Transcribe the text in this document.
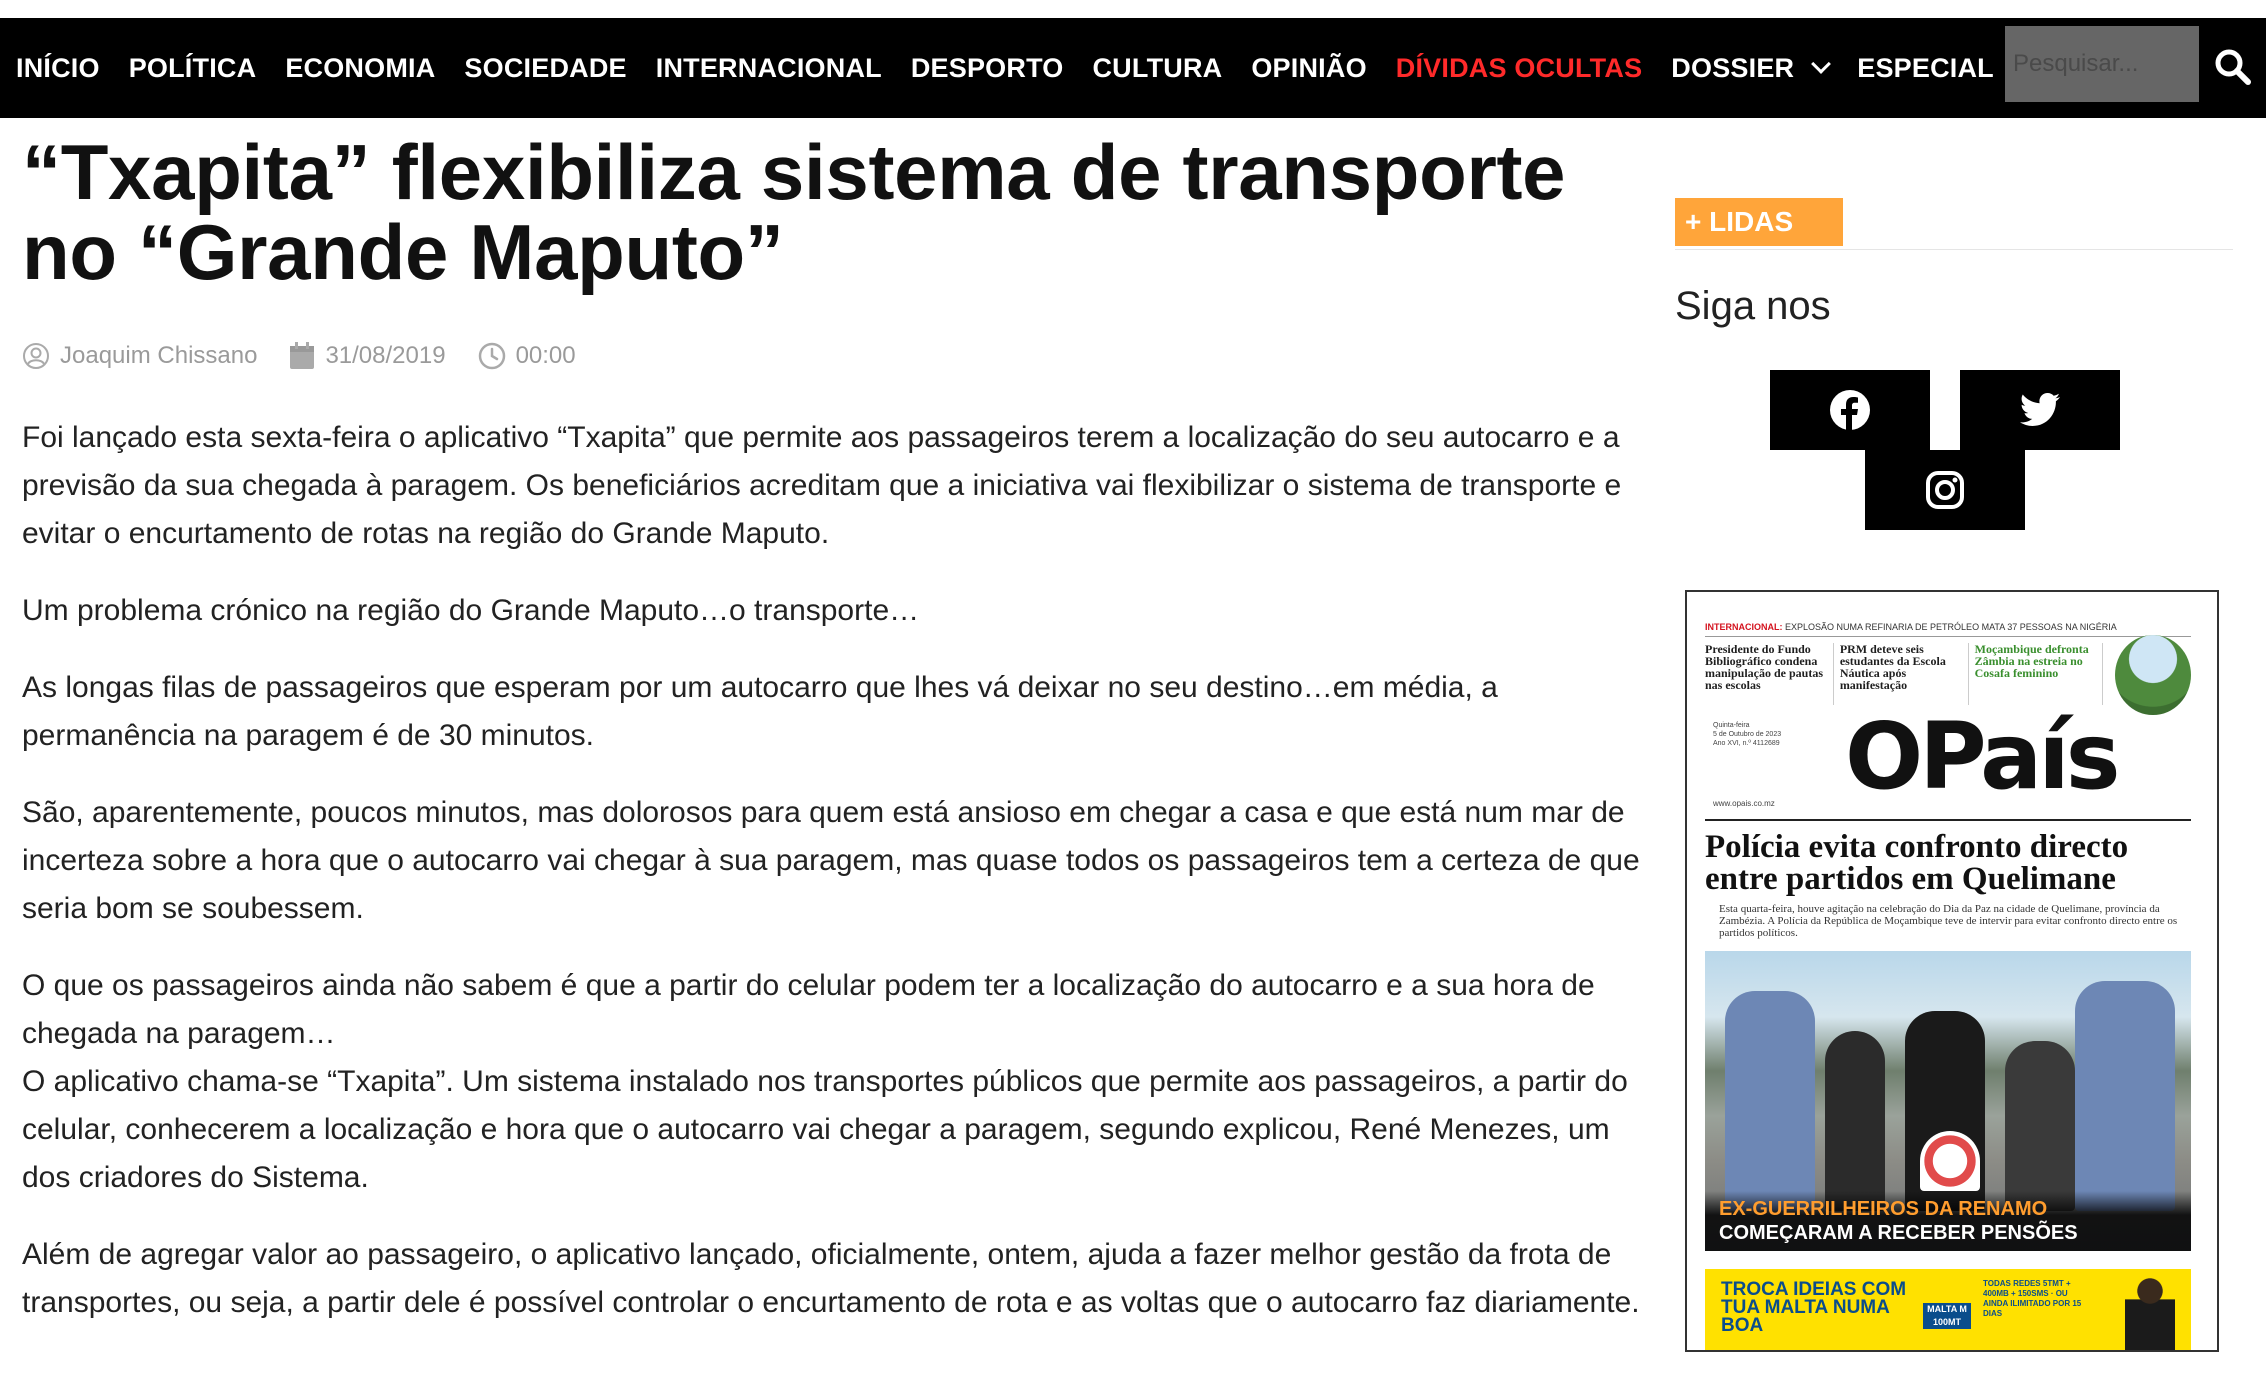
INÍCIO POLÍTICA ECONOMIA SOCIEDADE INTERNACIONAL DESPORTO CULTURA OPINIÃO DÍVIDAS OCULTAS DOSSIER ESPECIAL
Pesquisar...
“Txapita” flexibiliza sistema de transporte no “Grande Maputo”
Joaquim Chissano	31/08/2019	00:00

Foi lançado esta sexta-feira o aplicativo “Txapita” que permite aos passageiros terem a localização do seu autocarro e a previsão da sua chegada à paragem. Os beneficiários acreditam que a iniciativa vai flexibilizar o sistema de transporte e evitar o encurtamento de rotas na região do Grande Maputo.

Um problema crónico na região do Grande Maputo…o transporte…

As longas filas de passageiros que esperam por um autocarro que lhes vá deixar no seu destino…em média, a permanência na paragem é de 30 minutos.

São, aparentemente, poucos minutos, mas dolorosos para quem está ansioso em chegar a casa e que está num mar de incerteza sobre a hora que o autocarro vai chegar à sua paragem, mas quase todos os passageiros tem a certeza de que seria bom se soubessem.

O que os passageiros ainda não sabem é que a partir do celular podem ter a localização do autocarro e a sua hora de chegada na paragem…

O aplicativo chama-se “Txapita”. Um sistema instalado nos transportes públicos que permite aos passageiros, a partir do celular, conhecerem a localização e hora que o autocarro vai chegar a paragem, segundo explicou, René Menezes, um dos criadores do Sistema.

Além de agregar valor ao passageiro, o aplicativo lançado, oficialmente, ontem, ajuda a fazer melhor gestão da frota de transportes, ou seja, a partir dele é possível controlar o encurtamento de rota e as voltas que o autocarro faz diariamente.

+ LIDAS
Siga nos
INTERNACIONAL: EXPLOSÃO NUMA REFINARIA DE PETRÓLEO MATA 37 PESSOAS NA NIGÉRIA
Presidente do Fundo Bibliográfico condena manipulação de pautas nas escolas
PRM deteve seis estudantes da Escola Náutica após manifestação
Moçambique defronta Zâmbia na estreia no Cosafa feminino
Quinta-feira
5 de Outubro de 2023
Ano XVI, n.º 4112689 OPaís
www.opais.co.mz
Polícia evita confronto directo entre partidos em Quelimane
Esta quarta-feira, houve agitação na celebração do Dia da Paz na cidade de Quelimane, província da Zambézia. A Polícia da República de Moçambique teve de intervir para evitar confronto directo entre os partidos políticos.
EX-GUERRILHEIROS DA RENAMO
COMEÇARAM A RECEBER PENSÕES
TROCA IDEIAS COM TUA MALTA NUMA BOA
MALTA M 100MT
TODAS REDES 5TMT + 400MB + 150SMS · OU AINDA ILIMITADO POR 15 DIAS
